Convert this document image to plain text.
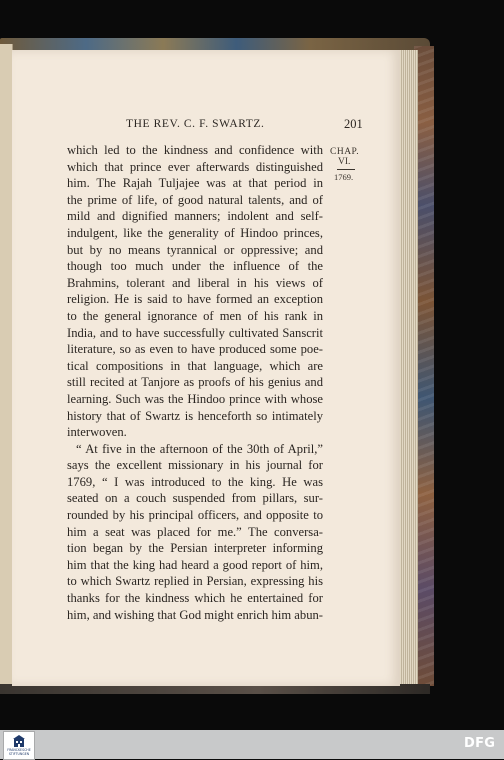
THE REV. C. F. SWARTZ.	201
CHAP.
VI.
1769.
which led to the kindness and confidence with
which that prince ever afterwards distinguished
him. The Rajah Tuljajee was at that period in
the prime of life, of good natural talents, and of
mild and dignified manners; indolent and self-
indulgent, like the generality of Hindoo princes,
but by no means tyrannical or oppressive; and
though too much under the influence of the
Brahmins, tolerant and liberal in his views of
religion. He is said to have formed an exception
to the general ignorance of men of his rank in
India, and to have successfully cultivated Sanscrit
literature, so as even to have produced some poe-
tical compositions in that language, which are
still recited at Tanjore as proofs of his genius and
learning. Such was the Hindoo prince with whose
history that of Swartz is henceforth so intimately
interwoven.
“ At five in the afternoon of the 30th of April,”
says the excellent missionary in his journal for
1769, “ I was introduced to the king. He was
seated on a couch suspended from pillars, sur-
rounded by his principal officers, and opposite to
him a seat was placed for me.” The conversa-
tion began by the Persian interpreter informing
him that the king had heard a good report of him,
to which Swartz replied in Persian, expressing his
thanks for the kindness which he entertained for
him, and wishing that God might enrich him abun-
FRANCKESCHE
STIFTUNGEN
DFG
